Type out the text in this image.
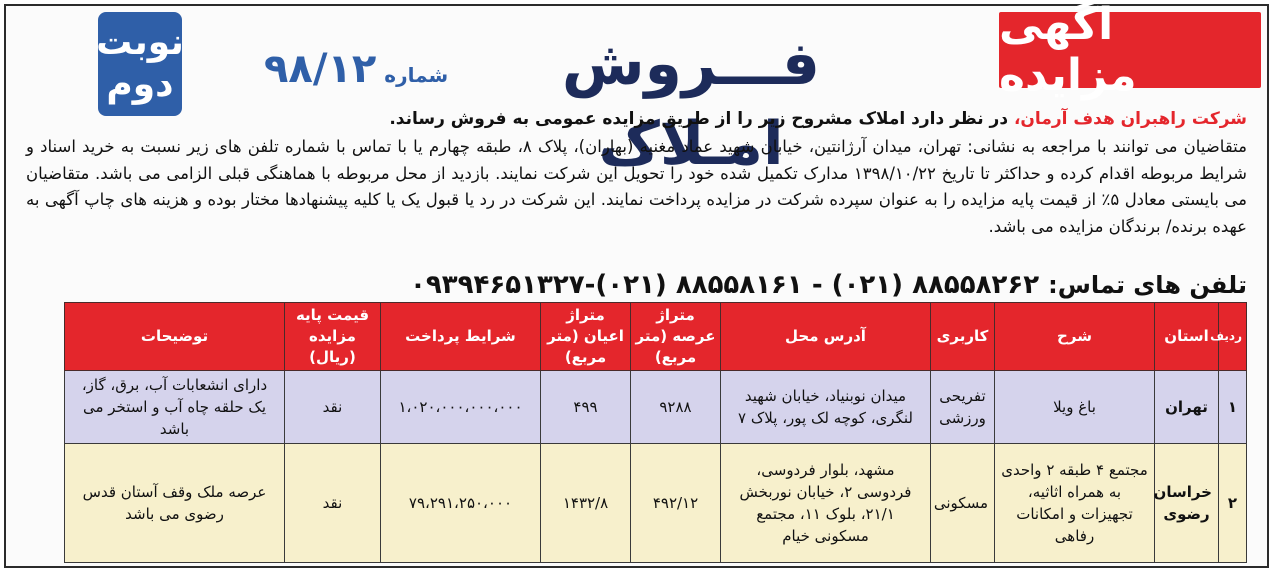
آگهی مزایده
نوبت
دوم	شماره
۹۸/۱۲	فـــروش امـلاک	شرکت راهبران هدف آرمان، در نظر دارد املاک مشروح زیر را از طریق مزایده عمومی به فروش رساند.
متقاضیان می توانند با مراجعه به نشانی: تهران، میدان آرژانتین، خیابان شهید عماد مغنیه (بهاران)، پلاک ۸، طبقه چهارم یا با تماس با شماره تلفن های زیر نسبت به خرید اسناد و شرایط مربوطه اقدام کرده و حداکثر تا تاریخ ۱۳۹۸/۱۰/۲۲ مدارک تکمیل شده خود را تحویل این شرکت نمایند. بازدید از محل مربوطه با هماهنگی قبلی الزامی می باشد. متقاضیان می بایستی معادل ۵٪ از قیمت پایه مزایده را به عنوان سپرده شرکت در مزایده پرداخت نمایند. این شرکت در رد یا قبول یک یا کلیه پیشنهادها مختار بوده و هزینه های چاپ آگهی به عهده برنده/ برندگان مزایده می باشد.
تلفن های تماس: ۸۸۵۵۸۲۶۲ (۰۲۱) - ۸۸۵۵۸۱۶۱ (۰۲۱)-۰۹۳۹۴۶۵۱۳۲۷
ردیف	استان	شرح	کاربری	آدرس محل	متراژ عرصه (متر مربع)	متراژ اعیان (متر مربع)	شرایط پرداخت	قیمت پایه مزایده (ریال)	توضیحات
۱	تهران	باغ ویلا	تفریحی ورزشی	میدان نوبنیاد، خیابان شهید لنگری، کوچه لک پور، پلاک ۷	۹۲۸۸	۴۹۹	۱،۰۲۰،۰۰۰،۰۰۰،۰۰۰	نقد	دارای انشعابات آب، برق، گاز، یک حلقه چاه آب و استخر می باشد
۲	خراسان رضوی	مجتمع ۴ طبقه ۲ واحدی به همراه اثاثیه، تجهیزات و امکانات رفاهی	مسکونی	مشهد، بلوار فردوسی، فردوسی ۲، خیابان نوربخش ۲۱/۱، بلوک ۱۱، مجتمع مسکونی خیام	۴۹۲/۱۲	۱۴۳۲/۸	۷۹،۲۹۱،۲۵۰،۰۰۰	نقد	عرصه ملک وقف آستان قدس رضوی می باشد
